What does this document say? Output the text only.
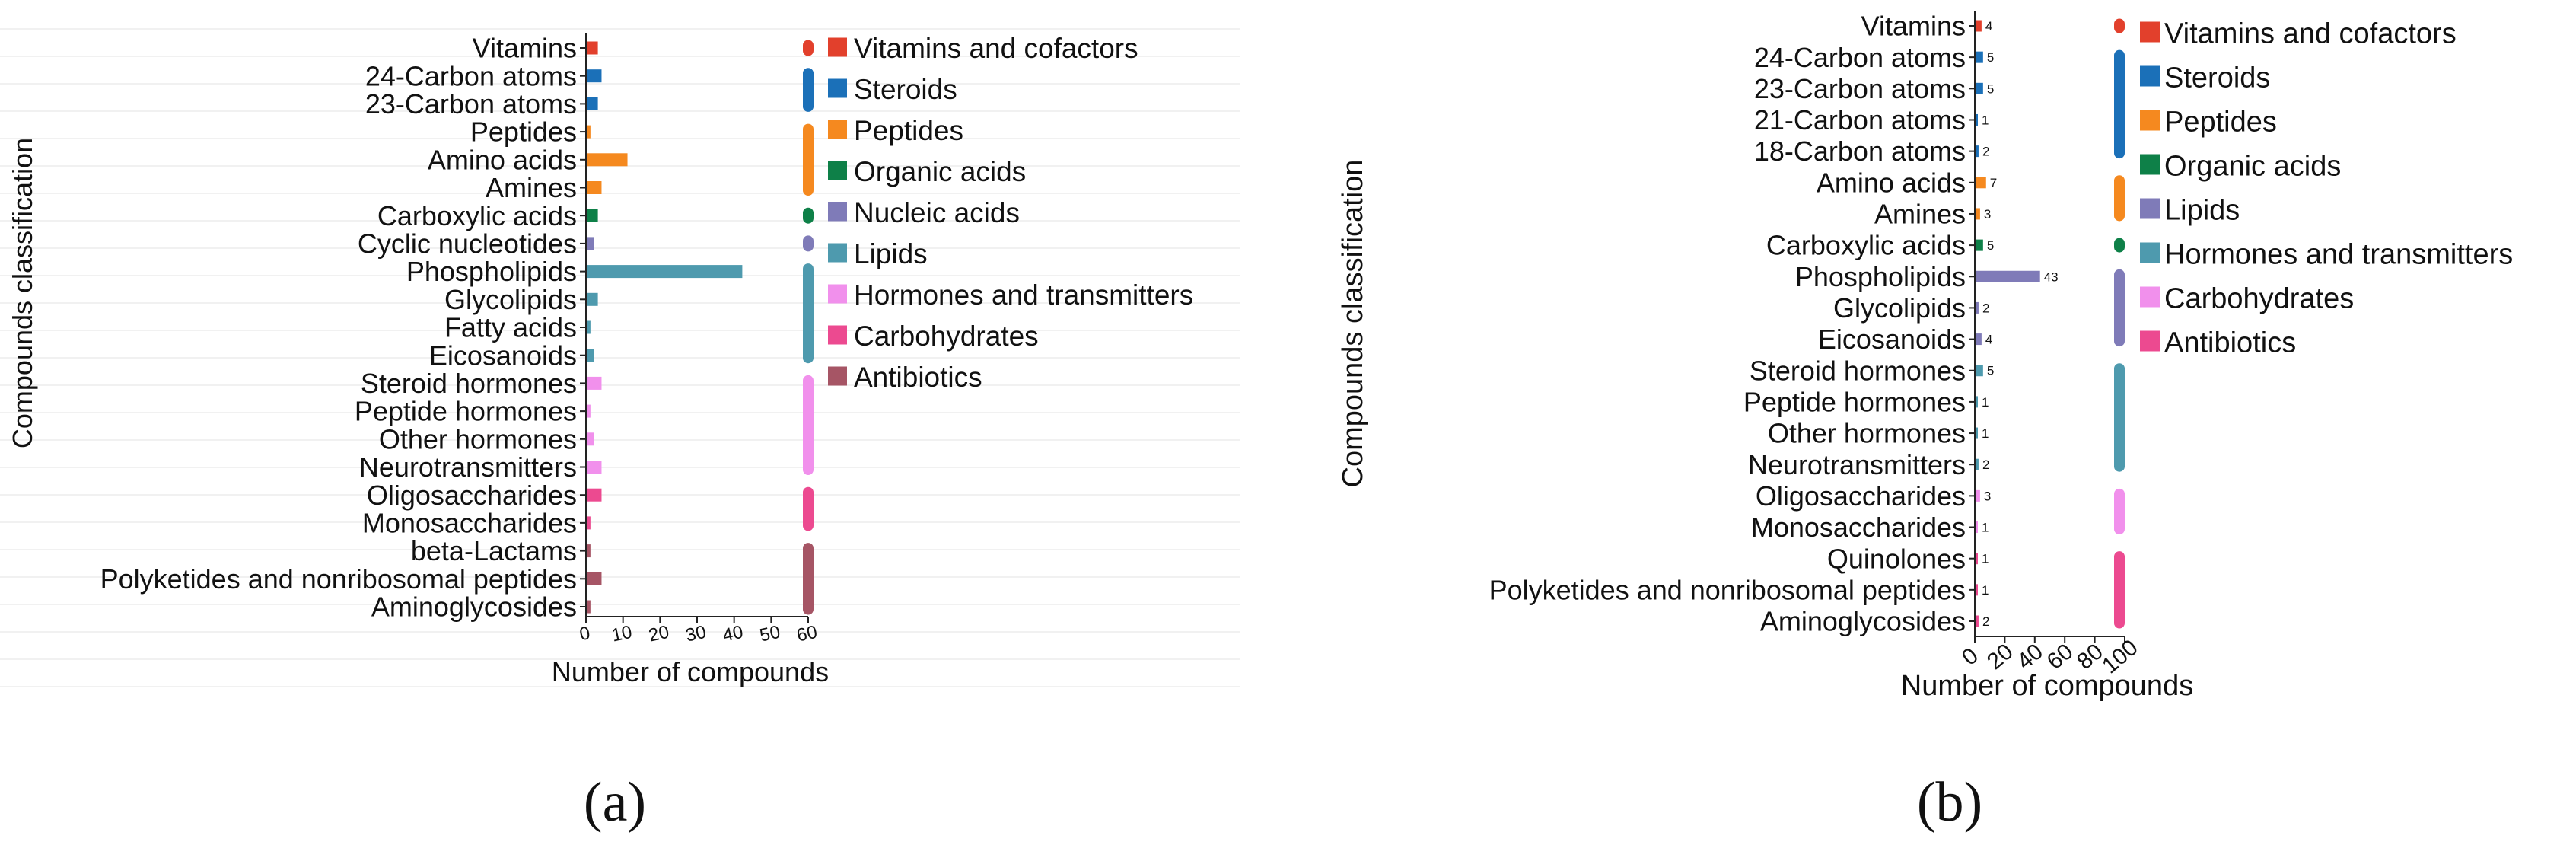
0 10 20 30 40 50 60
Vitamins
24-Carbon atoms
23-Carbon atoms
Peptides
Amino acids
Amines
Carboxylic acids
Cyclic nucleotides
Phospholipids
Glycolipids
Fatty acids
Eicosanoids
Steroid hormones
Peptide hormones
Other hormones
Neurotransmitters
Oligosaccharides
Monosaccharides
beta-Lactams
Polyketides and nonribosomal peptides
Aminoglycosides
Vitamins and cofactors
Steroids
Peptides
Organic acids
Nucleic acids
Lipids
Hormones and transmitters
Carbohydrates
Antibiotics
Number of compounds
Compounds classification
0 20
40
60
80
100
Vitamins 4
24-Carbon atoms 5
23-Carbon atoms 5
21-Carbon atoms 1
18-Carbon atoms 2
Amino acids 7
Amines 3
Carboxylic acids 5
Phospholipids	43
Glycolipids 2
Eicosanoids 4
Steroid hormones 5
Peptide hormones 1
Other hormones 1
Neurotransmitters 2
Oligosaccharides 3
Monosaccharides 1
Quinolones 1
Polyketides and nonribosomal peptides 1
Aminoglycosides 2
Vitamins and cofactors
Steroids
Peptides
Organic acids
Lipids
Hormones and transmitters
Carbohydrates
Antibiotics
Number of compounds
Compounds classification
(a)	(b)
